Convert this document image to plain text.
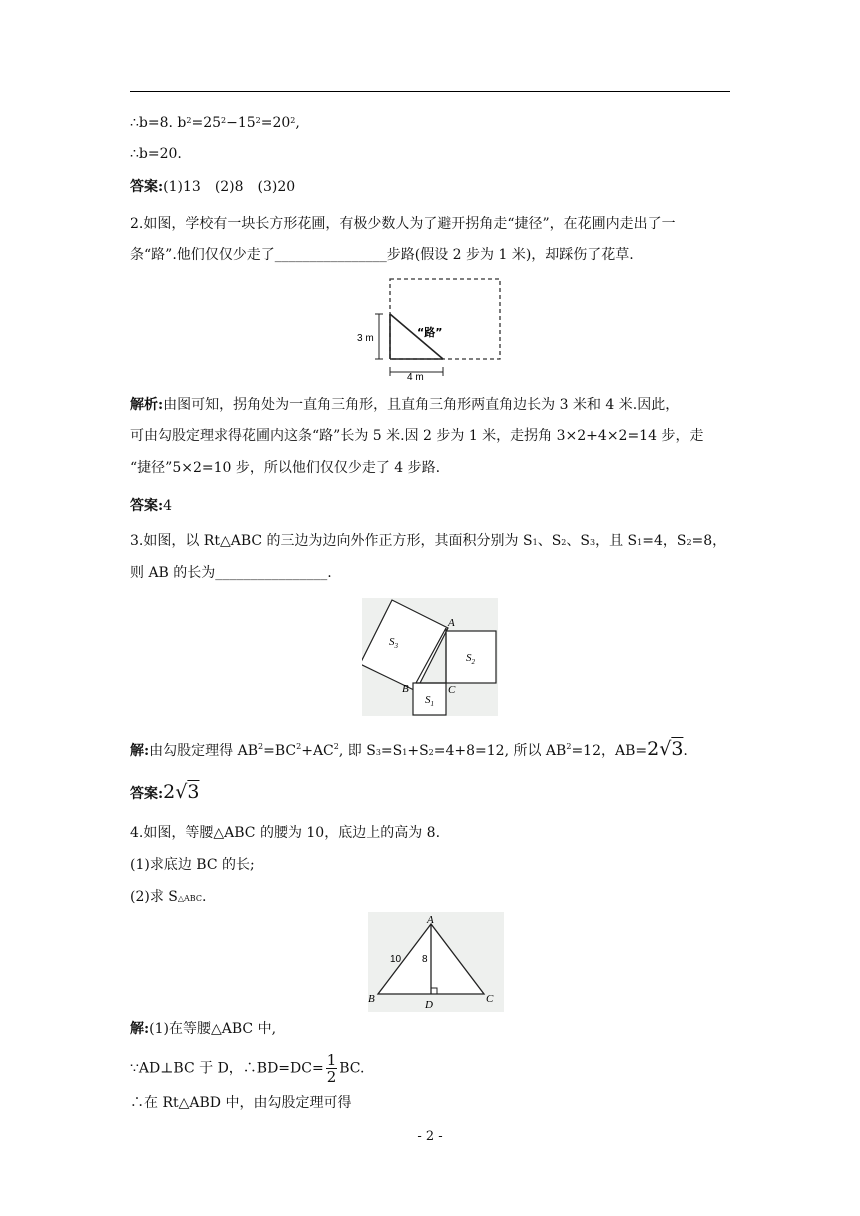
∴b=8. $b^2=25^2-15^2=20^2$,
∴b=20.
答案:(1)13　(2)8　(3)20
2.如图，学校有一块长方形花圃，有极少数人为了避开拐角走“捷径”，在花圃内走出了一
条“路”.他们仅仅少走了________________步路(假设 2 步为 1 米)，却踩伤了花草.
3 m
4 m
“路”
解析:由图可知，拐角处为一直角三角形，且直角三角形两直角边长为 3 米和 4 米.因此，
可由勾股定理求得花圃内这条“路”长为 5 米.因 2 步为 1 米，走拐角 3×2+4×2=14 步，走
“捷径”5×2=10 步，所以他们仅仅少走了 4 步路.
答案:4
3.如图，以 Rt△ABC 的三边为边向外作正方形，其面积分别为 $S_1$、$S_2$、$S_3$，且 $S_1=4$，$S_2=8$，
则 AB 的长为________________.
A
B	C
$S_3$
$S_2$
$S_1$
解:由勾股定理得 $AB^2=BC^2+AC^2$, 即 $S_3=S_1+S_2=4+8=12$, 所以 $AB^2=12$，AB=2√3.
答案:2√3
4.如图，等腰△ABC 的腰为 10，底边上的高为 8.
(1)求底边 BC 的长;
(2)求 $S_{\triangle ABC}$.
A
B	C
D
10 8
解:(1)在等腰△ABC 中,
∵AD⊥BC 于 D，∴BD=DC= $\frac{1}{2}$ BC.
∴在 Rt△ABD 中，由勾股定理可得
- 2 -
